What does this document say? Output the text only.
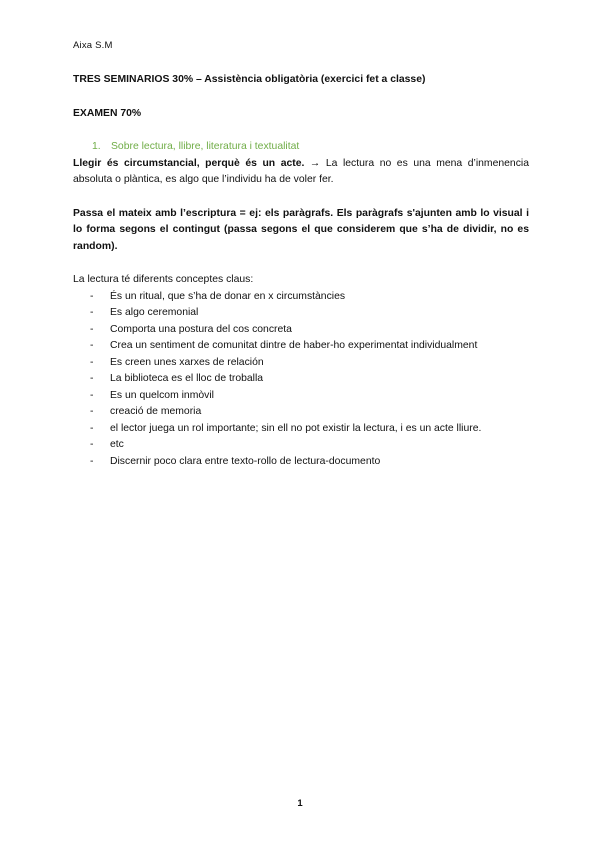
Aixa S.M

TRES SEMINARIOS 30% – Assistència obligatòria (exercici fet a classe)

EXAMEN 70%

1. Sobre lectura, llibre, literatura i textualitat

Llegir és circumstancial, perquè és un acte. → La lectura no es una mena d’inmenencia absoluta o plàntica, es algo que l’individu ha de voler fer.

Passa el mateix amb l’escriptura = ej: els paràgrafs. Els paràgrafs s'ajunten amb lo visual i lo forma segons el contingut (passa segons el que considerem que s’ha de dividir, no es random).

La lectura té diferents conceptes claus:

- És un ritual, que s’ha de donar en x circumstàncies
- Es algo ceremonial
- Comporta una postura del cos concreta
- Crea un sentiment de comunitat dintre de haber-ho experimentat individualment
- Es creen unes xarxes de relación
- La biblioteca es el lloc de troballa
- Es un quelcom inmòvil
- creació de memoria
- el lector juega un rol importante; sin ell no pot existir la lectura, i es un acte lliure.
- etc
- Discernir poco clara entre texto-rollo de lectura-documento
1
